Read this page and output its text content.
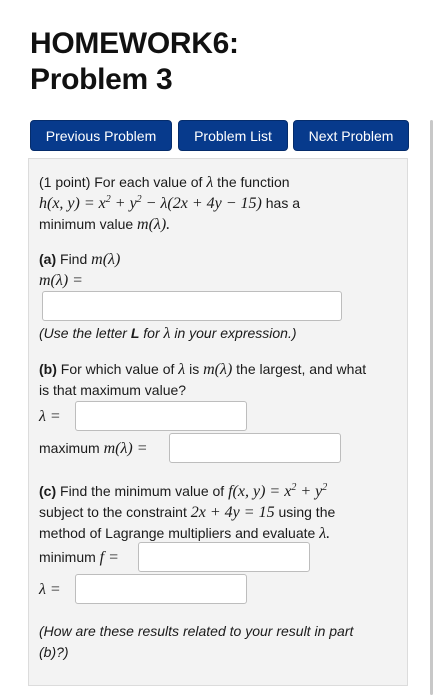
HOMEWORK6:
Problem 3
Previous Problem	Problem List	Next Problem
(1 point) For each value of λ the function
h(x, $y) = x^2 + y^2 - \lambda(2x + 4y - 15)$ has a
minimum value m(λ).
(a) Find m(λ)
m(λ) =
(Use the letter L for λ in your expression.)
(b) For which value of λ is m(λ) the largest, and what
is that maximum value?
λ =
maximum m(λ) =
(c) Find the minimum value of f(x, $y) = x^2 + y^2$
subject to the constraint 2x + 4y = 15 using the
method of Lagrange multipliers and evaluate λ.
minimum f =
λ =
(How are these results related to your result in part
(b)?)
